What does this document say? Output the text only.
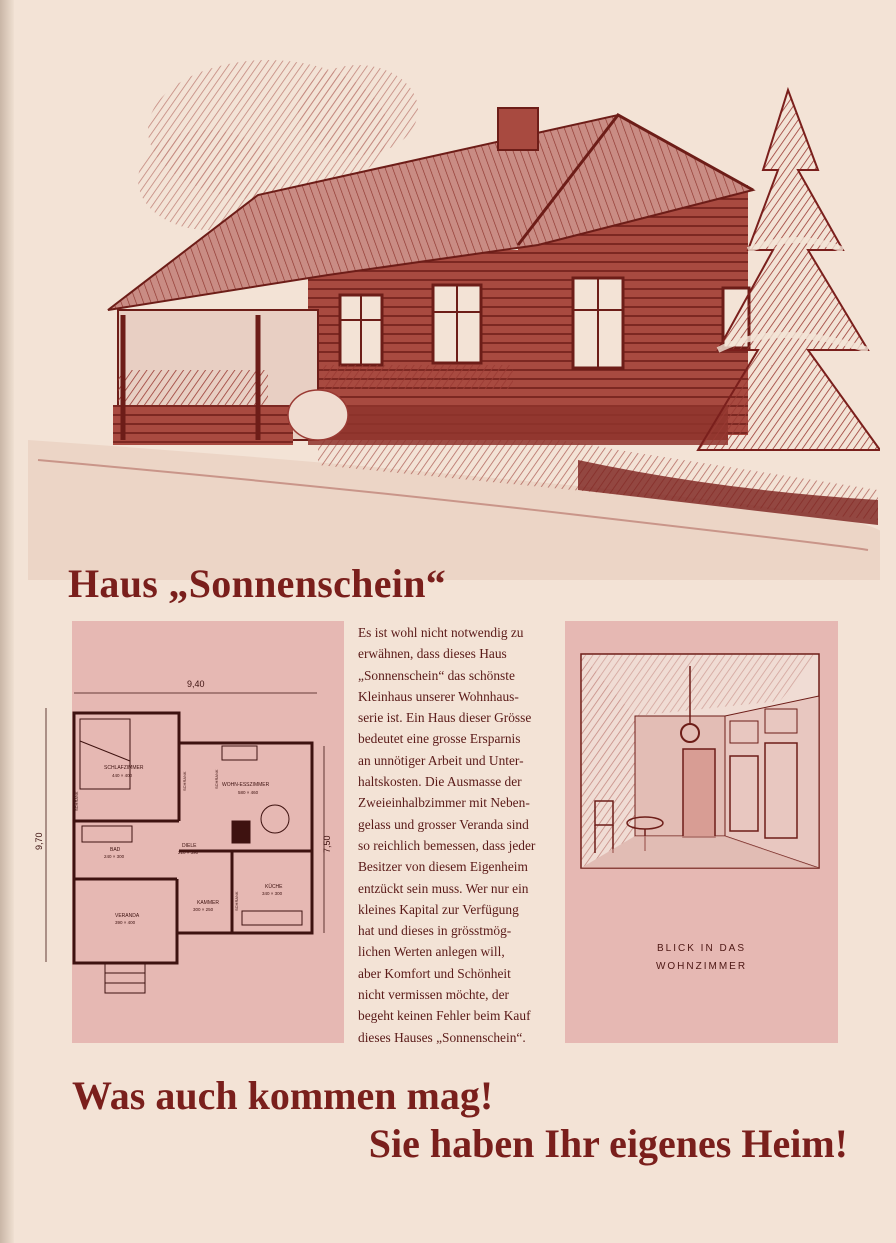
Haus „Sonnenschein“
9,40
7,50
SCHLAFZIMMER
440 × 400
WOHN-ESSZIMMER
580 × 460
BAD
240 × 300
DIELE
210 × 390
KÜCHE
340 × 300
KAMMER
300 × 250
VERANDA
390 × 400
SCHRANK
SCHRANK	SCHRANK
SCHRANK
9,70
Es ist wohl nicht notwendig zu
erwähnen, dass dieses Haus
„Sonnenschein“ das schönste
Kleinhaus unserer Wohnhaus-
serie ist. Ein Haus dieser Grösse
bedeutet eine grosse Ersparnis
an unnötiger Arbeit und Unter-
haltskosten. Die Ausmasse der
Zweieinhalbzimmer mit Neben-
gelass und grosser Veranda sind
so reichlich bemessen, dass jeder
Besitzer von diesem Eigenheim
entzückt sein muss. Wer nur ein
kleines Kapital zur Verfügung
hat und dieses in grösstmög-
lichen Werten anlegen will,
aber Komfort und Schönheit
nicht vermissen möchte, der
begeht keinen Fehler beim Kauf
dieses Hauses „Sonnenschein“.
BLICK IN DAS
WOHNZIMMER
Was auch kommen mag!
Sie haben Ihr eigenes Heim!
